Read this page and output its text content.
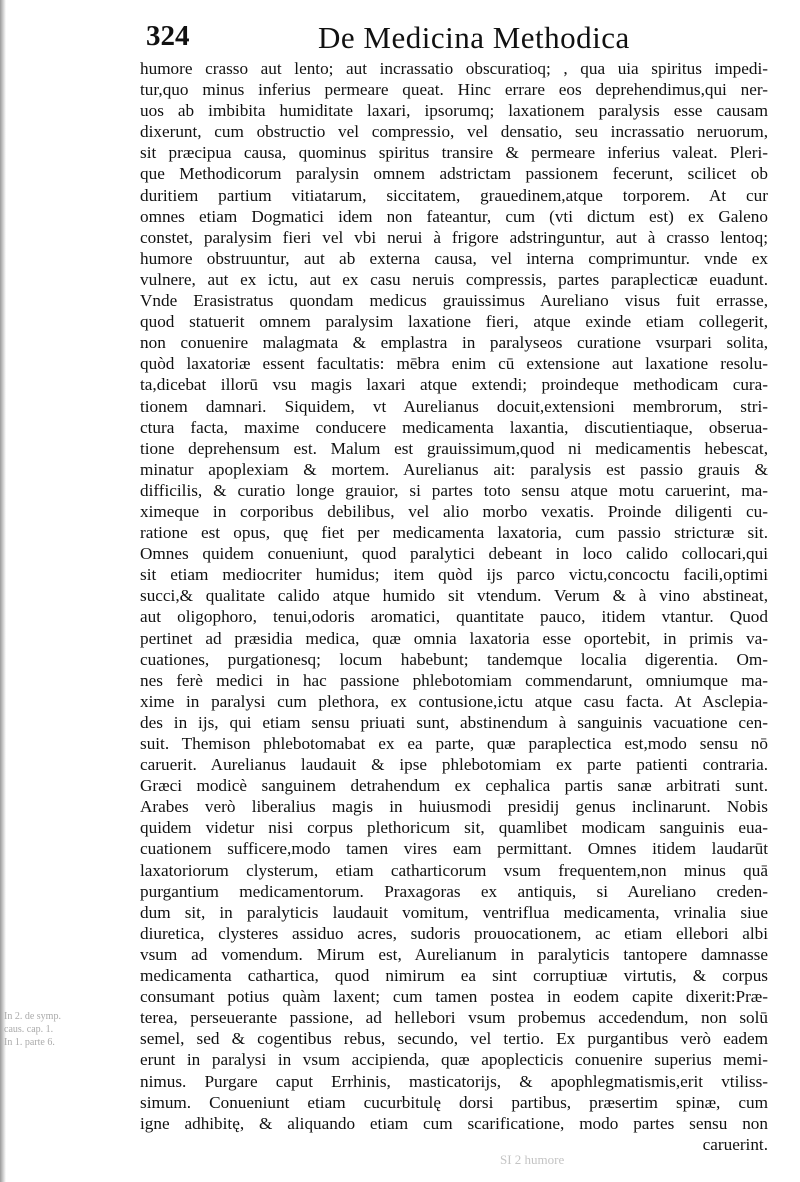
324	De Medicina Methodica
In 2. de symp.
caus. cap. 1.
In 1. parte 6.
humore crasso aut lento; aut incrassatio obscuratioq; , qua uia spiritus impedi-
tur,quo minus inferius permeare queat. Hinc errare eos deprehendimus,qui ner-
uos ab imbibita humiditate laxari, ipsorumq; laxationem paralysis esse causam
dixerunt, cum obstructio vel compressio, vel densatio, seu incrassatio neruorum,
sit præcipua causa, quominus spiritus transire & permeare inferius valeat. Pleri-
que Methodicorum paralysin omnem adstrictam passionem fecerunt, scilicet ob
duritiem partium vitiatarum, siccitatem, grauedinem,atque torporem. At cur
omnes etiam Dogmatici idem non fateantur, cum (vti dictum est) ex Galeno
constet, paralysim fieri vel vbi nerui à frigore adstringuntur, aut à crasso lentoq;
humore obstruuntur, aut ab externa causa, vel interna comprimuntur. vnde ex
vulnere, aut ex ictu, aut ex casu neruis compressis, partes paraplecticæ euadunt.
Vnde Erasistratus quondam medicus grauissimus Aureliano visus fuit errasse,
quod statuerit omnem paralysim laxatione fieri, atque exinde etiam collegerit,
non conuenire malagmata & emplastra in paralyseos curatione vsurpari solita,
quòd laxatoriæ essent facultatis: mēbra enim cū extensione aut laxatione resolu-
ta,dicebat illorū vsu magis laxari atque extendi; proindeque methodicam cura-
tionem damnari. Siquidem, vt Aurelianus docuit,extensioni membrorum, stri-
ctura facta, maxime conducere medicamenta laxantia, discutientiaque, obserua-
tione deprehensum est. Malum est grauissimum,quod ni medicamentis hebescat,
minatur apoplexiam & mortem. Aurelianus ait: paralysis est passio grauis &
difficilis, & curatio longe grauior, si partes toto sensu atque motu caruerint, ma-
ximeque in corporibus debilibus, vel alio morbo vexatis. Proinde diligenti cu-
ratione est opus, quę fiet per medicamenta laxatoria, cum passio stricturæ sit.
Omnes quidem conueniunt, quod paralytici debeant in loco calido collocari,qui
sit etiam mediocriter humidus; item quòd ijs parco victu,concoctu facili,optimi
succi,& qualitate calido atque humido sit vtendum. Verum & à vino abstineat,
aut oligophoro, tenui,odoris aromatici, quantitate pauco, itidem vtantur. Quod
pertinet ad præsidia medica, quæ omnia laxatoria esse oportebit, in primis va-
cuationes, purgationesq; locum habebunt; tandemque localia digerentia. Om-
nes ferè medici in hac passione phlebotomiam commendarunt, omniumque ma-
xime in paralysi cum plethora, ex contusione,ictu atque casu facta. At Asclepia-
des in ijs, qui etiam sensu priuati sunt, abstinendum à sanguinis vacuatione cen-
suit. Themison phlebotomabat ex ea parte, quæ paraplectica est,modo sensu nō
caruerit. Aurelianus laudauit & ipse phlebotomiam ex parte patienti contraria.
Græci modicè sanguinem detrahendum ex cephalica partis sanæ arbitrati sunt.
Arabes verò liberalius magis in huiusmodi presidij genus inclinarunt. Nobis
quidem videtur nisi corpus plethoricum sit, quamlibet modicam sanguinis eua-
cuationem sufficere,modo tamen vires eam permittant. Omnes itidem laudarūt
laxatoriorum clysterum, etiam catharticorum vsum frequentem,non minus quā
purgantium medicamentorum. Praxagoras ex antiquis, si Aureliano creden-
dum sit, in paralyticis laudauit vomitum, ventriflua medicamenta, vrinalia siue
diuretica, clysteres assiduo acres, sudoris prouocationem, ac etiam ellebori albi
vsum ad vomendum. Mirum est, Aurelianum in paralyticis tantopere damnasse
medicamenta cathartica, quod nimirum ea sint corruptiuæ virtutis, & corpus
consumant potius quàm laxent; cum tamen postea in eodem capite dixerit:Præ-
terea, perseuerante passione, ad hellebori vsum probemus accedendum, non solū
semel, sed & cogentibus rebus, secundo, vel tertio. Ex purgantibus verò eadem
erunt in paralysi in vsum accipienda, quæ apoplecticis conuenire superius memi-
nimus. Purgare caput Errhinis, masticatorijs, & apophlegmatismis,erit vtiliss-
simum. Conueniunt etiam cucurbitulę dorsi partibus, præsertim spinæ, cum
igne adhibitę, & aliquando etiam cum scarificatione, modo partes sensu non
caruerint.
SI 2 humore
